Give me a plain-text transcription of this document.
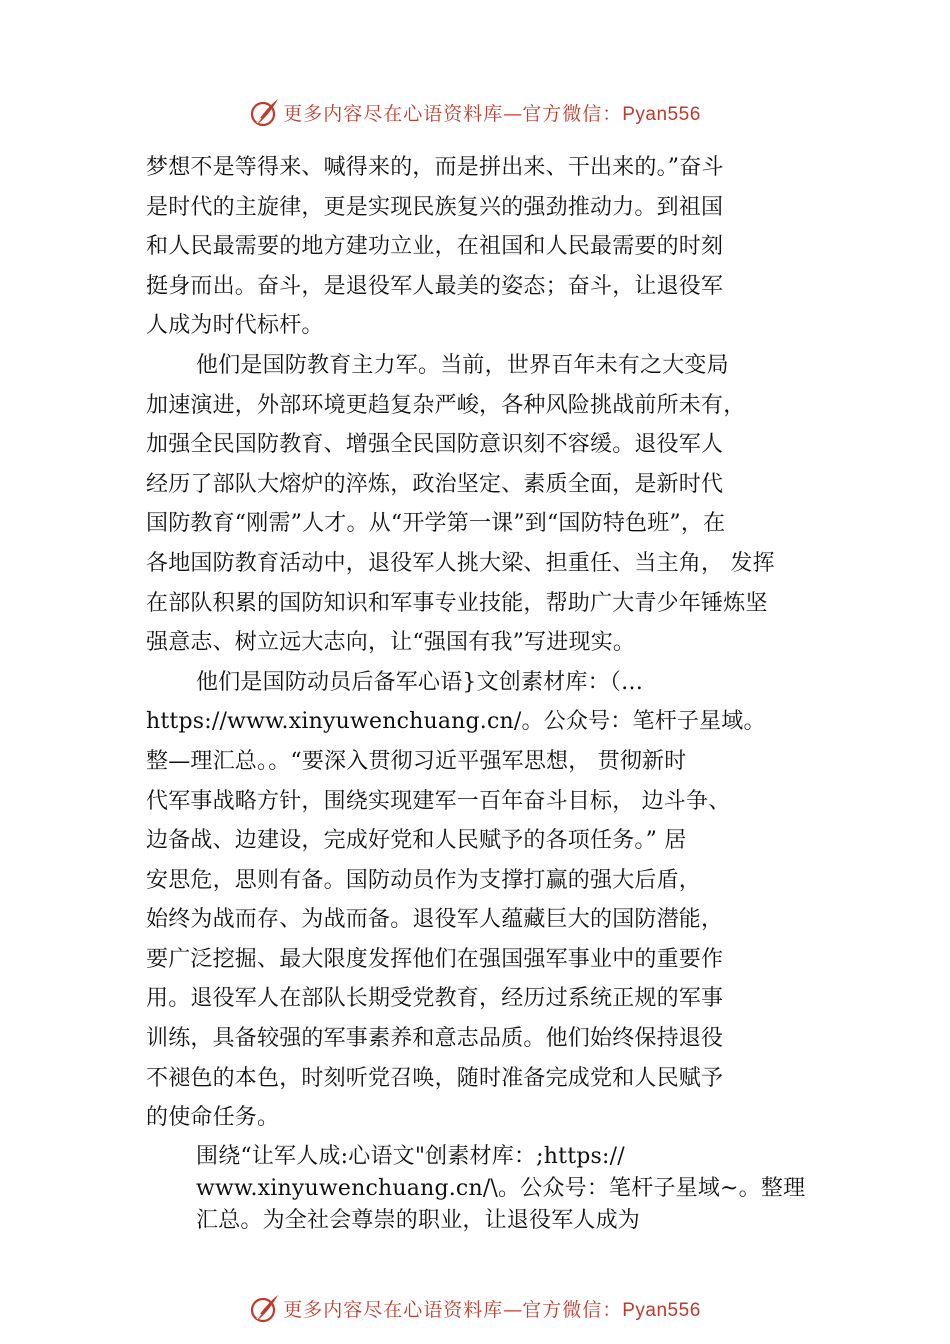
更多内容尽在心语资料库—官方微信：Pyan556
梦想不是等得来、喊得来的，而是拼出来、干出来的。”奋斗
是时代的主旋律，更是实现民族复兴的强劲推动力。到祖国
和人民最需要的地方建功立业，在祖国和人民最需要的时刻
挺身而出。奋斗，是退役军人最美的姿态；奋斗，让退役军
人成为时代标杆。
他们是国防教育主力军。当前，世界百年未有之大变局
加速演进，外部环境更趋复杂严峻，各种风险挑战前所未有，
加强全民国防教育、增强全民国防意识刻不容缓。退役军人
经历了部队大熔炉的淬炼，政治坚定、素质全面，是新时代
国防教育“刚需”人才。从“开学第一课”到“国防特色班”，在
各地国防教育活动中，退役军人挑大梁、担重任、当主角， 发挥
在部队积累的国防知识和军事专业技能，帮助广大青少年锤炼坚
强意志、树立远大志向，让“强国有我”写进现实。
他们是国防动员后备军心语}文创素材库：（…
https://www.xinyuwenchuang.cn/。公众号：笔杆子星域。
整—理汇总。。“要深入贯彻习近平强军思想， 贯彻新时
代军事战略方针，围绕实现建军一百年奋斗目标， 边斗争、
边备战、边建设，完成好党和人民赋予的各项任务。” 居
安思危，思则有备。国防动员作为支撑打赢的强大后盾，
始终为战而存、为战而备。退役军人蕴藏巨大的国防潜能，
要广泛挖掘、最大限度发挥他们在强国强军事业中的重要作
用。退役军人在部队长期受党教育，经历过系统正规的军事
训练，具备较强的军事素养和意志品质。他们始终保持退役
不褪色的本色，时刻听党召唤，随时准备完成党和人民赋予
的使命任务。
围绕“让军人成:心语文"创素材库：;https://
www.xinyuwenchuang.cn/\。公众号：笔杆子星域~。整理
汇总。为全社会尊崇的职业，让退役军人成为
更多内容尽在心语资料库—官方微信：Pyan556
